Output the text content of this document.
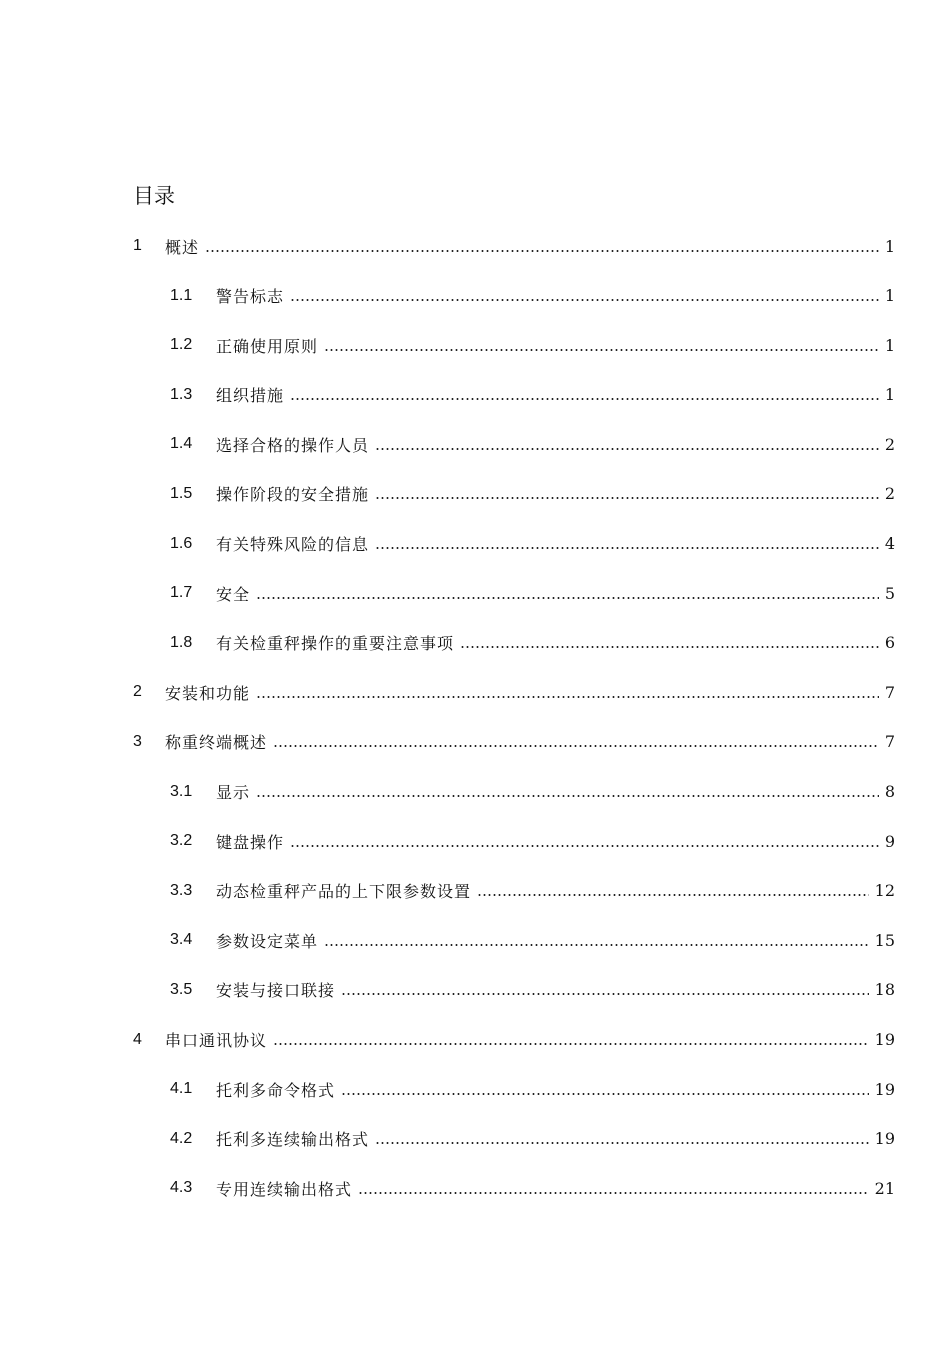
目录
1 概述	1
1.1 警告标志	1
1.2 正确使用原则	1
1.3 组织措施	1
1.4 选择合格的操作人员	2
1.5 操作阶段的安全措施	2
1.6 有关特殊风险的信息	4
1.7 安全	5
1.8 有关检重秤操作的重要注意事项	6
2 安装和功能	7
3 称重终端概述	7
3.1 显示	8
3.2 键盘操作	9
3.3 动态检重秤产品的上下限参数设置	12
3.4 参数设定菜单	15
3.5 安装与接口联接	18
4 串口通讯协议	19
4.1 托利多命令格式	19
4.2 托利多连续输出格式	19
4.3 专用连续输出格式	21
